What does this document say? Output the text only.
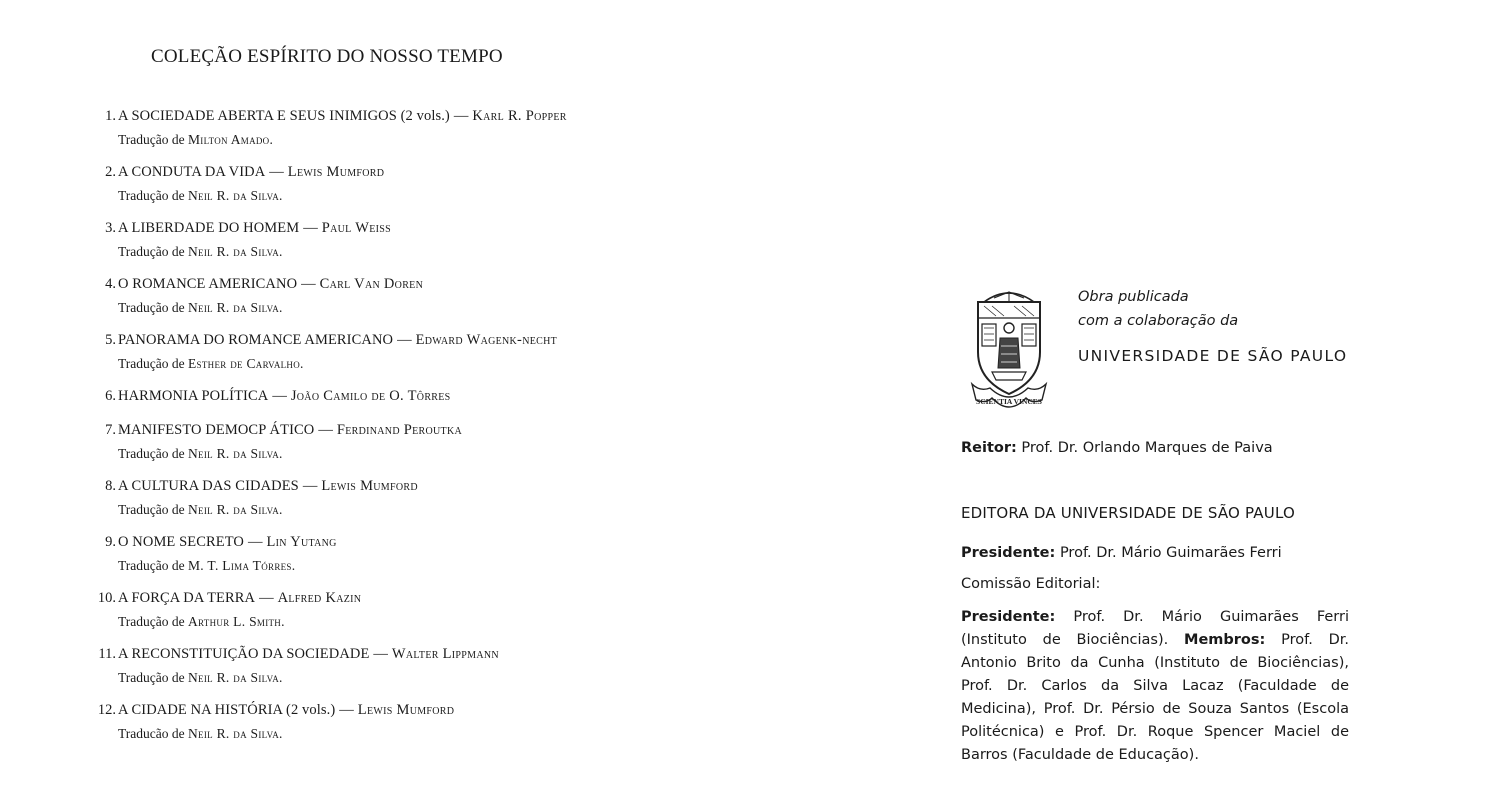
COLEÇÃO ESPÍRITO DO NOSSO TEMPO
1. A SOCIEDADE ABERTA E SEUS INIMIGOS (2 vols.) — Karl R. Popper
Tradução de Milton Amado.
2. A CONDUTA DA VIDA — Lewis Mumford
Tradução de Neil R. da Silva.
3. A LIBERDADE DO HOMEM — Paul Weiss
Tradução de Neil R. da Silva.
4. O ROMANCE AMERICANO — Carl Van Doren
Tradução de Neil R. da Silva.
5. PANORAMA DO ROMANCE AMERICANO — Edward Wagenk-necht
Tradução de Esther de Carvalho.
6. HARMONIA POLÍTICA — João Camilo de O. Tôrres
7. MANIFESTO DEMOCP ÁTICO — Ferdinand Peroutka
Tradução de Neil R. da Silva.
8. A CULTURA DAS CIDADES — Lewis Mumford
Tradução de Neil R. da Silva.
9. O NOME SECRETO — Lin Yutang
Tradução de M. T. Lima Tórres.
10. A FORÇA DA TERRA — Alfred Kazin
Tradução de Arthur L. Smith.
11. A RECONSTITUIÇÃO DA SOCIEDADE — Walter Lippmann
Tradução de Neil R. da Silva.
12. A CIDADE NA HISTÓRIA (2 vols.) — Lewis Mumford
Traducão de Neil R. da Silva.
SCIENTIA VINCES
Obra publicada
com a colaboração da
UNIVERSIDADE DE SÃO PAULO
Reitor: Prof. Dr. Orlando Marques de Paiva
EDITORA DA UNIVERSIDADE DE SÃO PAULO
Presidente: Prof. Dr. Mário Guimarães Ferri
Comissão Editorial:
Presidente: Prof. Dr. Mário Guimarães Ferri (Instituto de Biociências). Membros: Prof. Dr. Antonio Brito da Cunha (Instituto de Biociências), Prof. Dr. Carlos da Silva Lacaz (Faculdade de Medicina), Prof. Dr. Pérsio de Souza Santos (Escola Politécnica) e Prof. Dr. Roque Spencer Maciel de Barros (Faculdade de Educação).
